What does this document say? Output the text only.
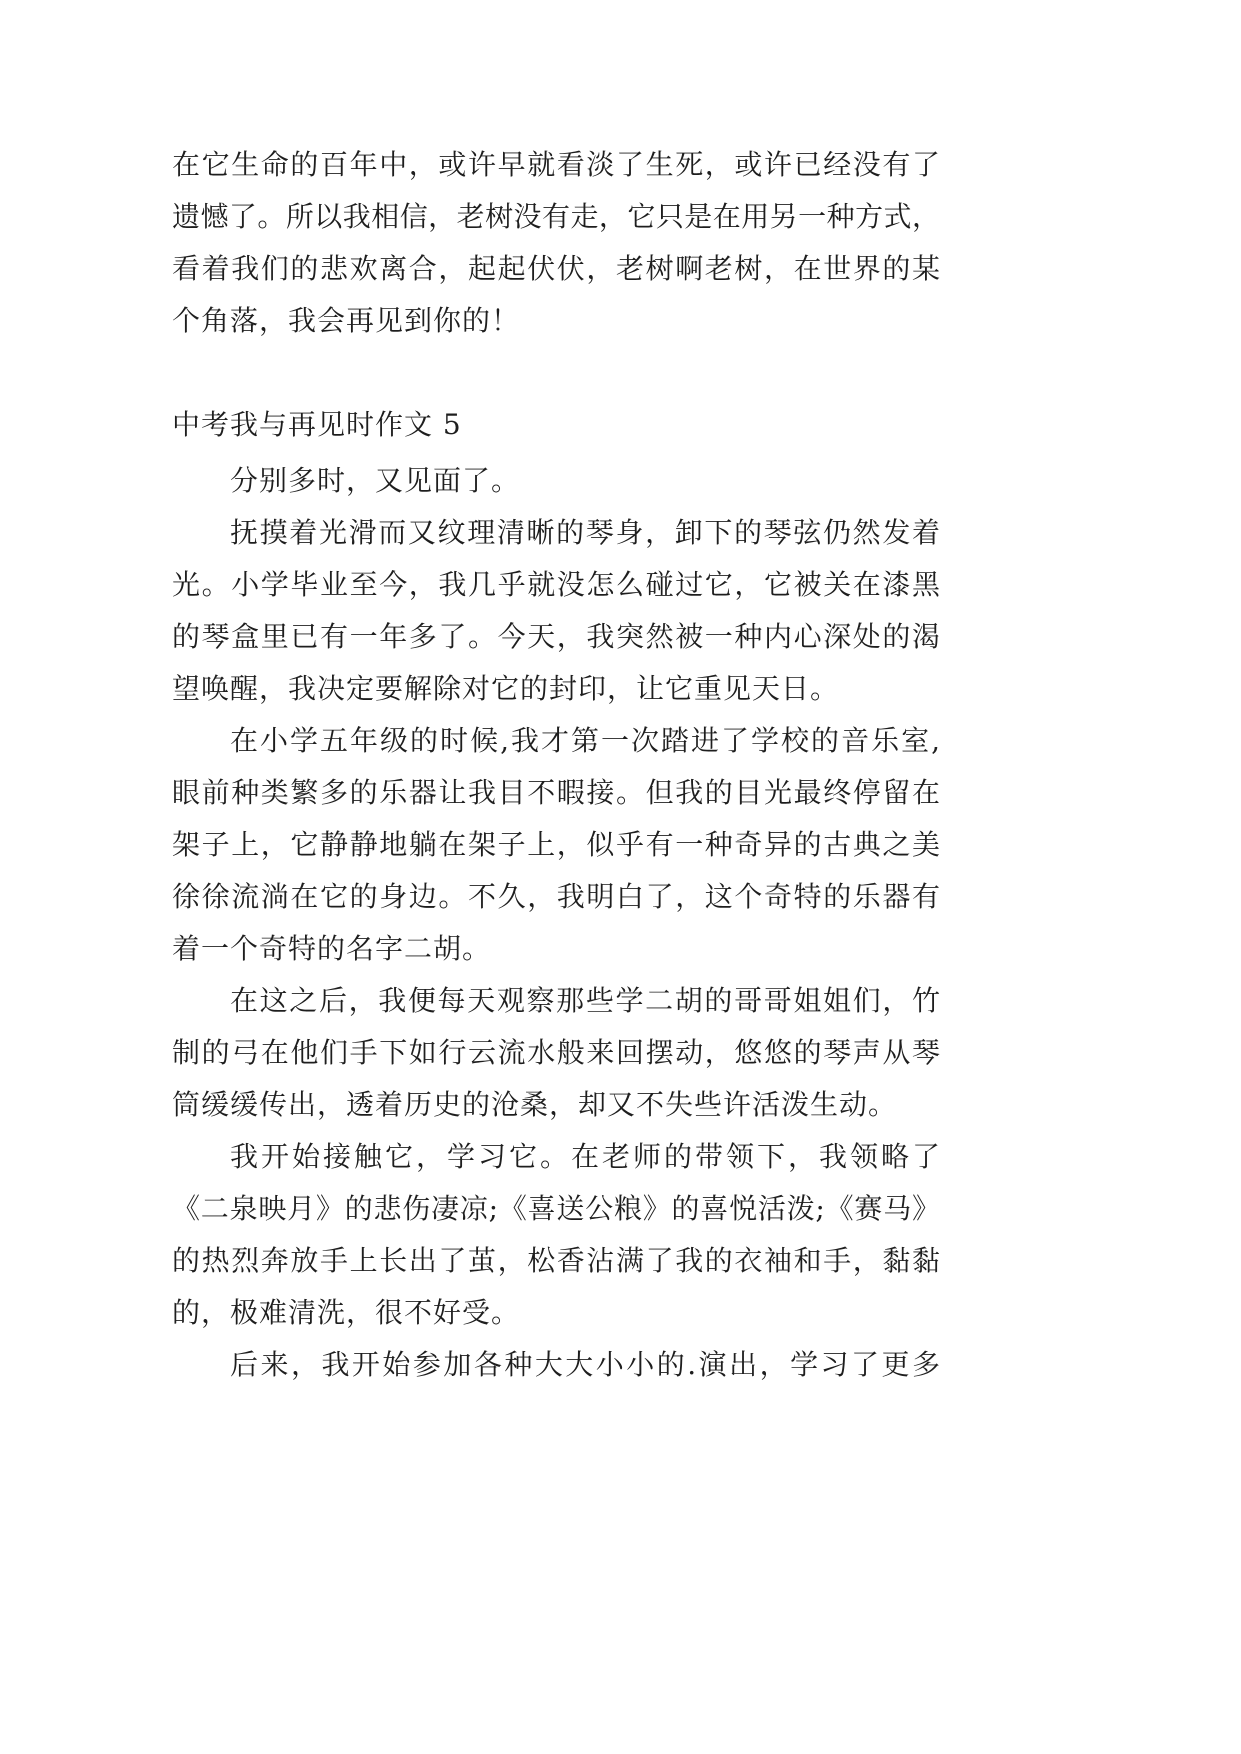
在它生命的百年中，或许早就看淡了生死，或许已经没有了
遗憾了。所以我相信，老树没有走，它只是在用另一种方式，
看着我们的悲欢离合，起起伏伏，老树啊老树，在世界的某
个角落，我会再见到你的！
中考我与再见时作文 5
分别多时，又见面了。
抚摸着光滑而又纹理清晰的琴身，卸下的琴弦仍然发着
光。小学毕业至今，我几乎就没怎么碰过它，它被关在漆黑
的琴盒里已有一年多了。今天，我突然被一种内心深处的渴
望唤醒，我决定要解除对它的封印，让它重见天日。
在小学五年级的时候,我才第一次踏进了学校的音乐室,
眼前种类繁多的乐器让我目不暇接。但我的目光最终停留在
架子上，它静静地躺在架子上，似乎有一种奇异的古典之美
徐徐流淌在它的身边。不久，我明白了，这个奇特的乐器有
着一个奇特的名字二胡。
在这之后，我便每天观察那些学二胡的哥哥姐姐们，竹
制的弓在他们手下如行云流水般来回摆动，悠悠的琴声从琴
筒缓缓传出，透着历史的沧桑，却又不失些许活泼生动。
我开始接触它，学习它。在老师的带领下，我领略了
《二泉映月》的悲伤凄凉;《喜送公粮》的喜悦活泼;《赛马》
的热烈奔放手上长出了茧，松香沾满了我的衣袖和手，黏黏
的，极难清洗，很不好受。
后来，我开始参加各种大大小小的.演出，学习了更多
